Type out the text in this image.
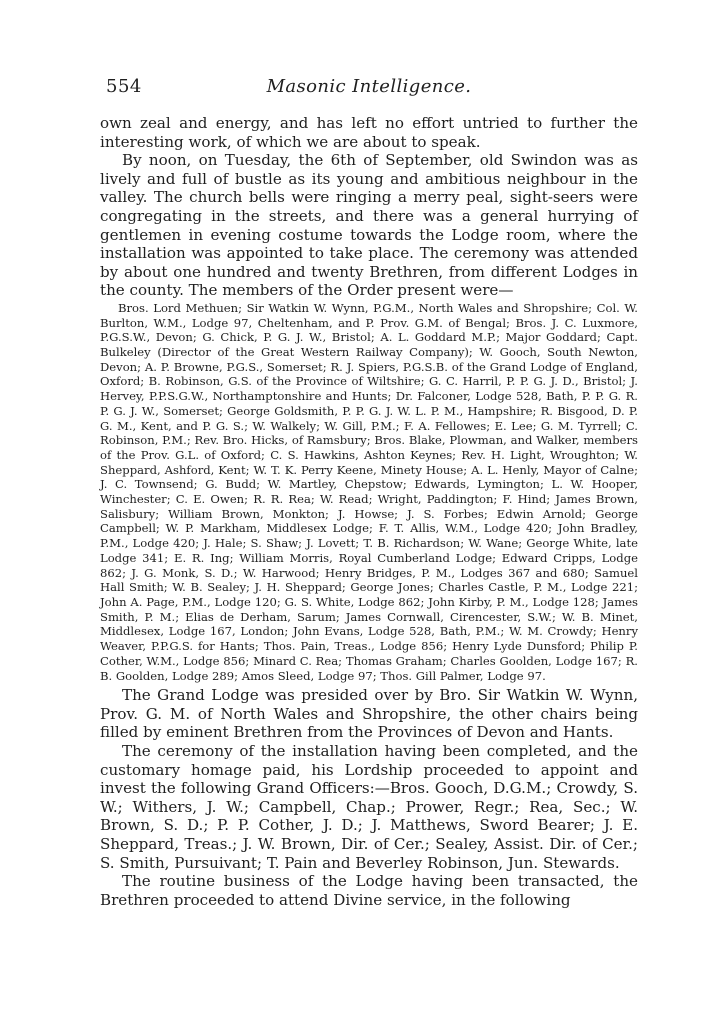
554	Masonic Intelligence.

own zeal and energy, and has left no effort untried to further the interesting work, of which we are about to speak.

By noon, on Tuesday, the 6th of September, old Swindon was as lively and full of bustle as its young and ambitious neighbour in the valley. The church bells were ringing a merry peal, sight-seers were congregating in the streets, and there was a general hurrying of gentlemen in evening costume towards the Lodge room, where the installation was appointed to take place. The ceremony was attended by about one hundred and twenty Brethren, from different Lodges in the county. The members of the Order present were—

Bros. Lord Methuen; Sir Watkin W. Wynn, P.G.M., North Wales and Shropshire; Col. W. Burlton, W.M., Lodge 97, Cheltenham, and P. Prov. G.M. of Bengal; Bros. J. C. Luxmore, P.G.S.W., Devon; G. Chick, P. G. J. W., Bristol; A. L. Goddard M.P.; Major Goddard; Capt. Bulkeley (Director of the Great Western Railway Company); W. Gooch, South Newton, Devon; A. P. Browne, P.G.S., Somerset; R. J. Spiers, P.G.S.B. of the Grand Lodge of England, Oxford; B. Robinson, G.S. of the Province of Wiltshire; G. C. Harril, P. P. G. J. D., Bristol; J. Hervey, P.P.S.G.W., Northamptonshire and Hunts; Dr. Falconer, Lodge 528, Bath, P. P. G. R. P. G. J. W., Somerset; George Goldsmith, P. P. G. J. W. L. P. M., Hampshire; R. Bisgood, D. P. G. M., Kent, and P. G. S.; W. Walkely; W. Gill, P.M.; F. A. Fellowes; E. Lee; G. M. Tyrrell; C. Robinson, P.M.; Rev. Bro. Hicks, of Ramsbury; Bros. Blake, Plowman, and Walker, members of the Prov. G.L. of Oxford; C. S. Hawkins, Ashton Keynes; Rev. H. Light, Wroughton; W. Sheppard, Ashford, Kent; W. T. K. Perry Keene, Minety House; A. L. Henly, Mayor of Calne; J. C. Townsend; G. Budd; W. Martley, Chepstow; Edwards, Lymington; L. W. Hooper, Winchester; C. E. Owen; R. R. Rea; W. Read; Wright, Paddington; F. Hind; James Brown, Salisbury; William Brown, Monkton; J. Howse; J. S. Forbes; Edwin Arnold; George Campbell; W. P. Markham, Middlesex Lodge; F. T. Allis, W.M., Lodge 420; John Bradley, P.M., Lodge 420; J. Hale; S. Shaw; J. Lovett; T. B. Richardson; W. Wane; George White, late Lodge 341; E. R. Ing; William Morris, Royal Cumberland Lodge; Edward Cripps, Lodge 862; J. G. Monk, S. D.; W. Harwood; Henry Bridges, P. M., Lodges 367 and 680; Samuel Hall Smith; W. B. Sealey; J. H. Sheppard; George Jones; Charles Castle, P. M., Lodge 221; John A. Page, P.M., Lodge 120; G. S. White, Lodge 862; John Kirby, P. M., Lodge 128; James Smith, P. M.; Elias de Derham, Sarum; James Cornwall, Cirencester, S.W.; W. B. Minet, Middlesex, Lodge 167, London; John Evans, Lodge 528, Bath, P.M.; W. M. Crowdy; Henry Weaver, P.P.G.S. for Hants; Thos. Pain, Treas., Lodge 856; Henry Lyde Dunsford; Philip P. Cother, W.M., Lodge 856; Minard C. Rea; Thomas Graham; Charles Goolden, Lodge 167; R. B. Goolden, Lodge 289; Amos Sleed, Lodge 97; Thos. Gill Palmer, Lodge 97.

The Grand Lodge was presided over by Bro. Sir Watkin W. Wynn, Prov. G. M. of North Wales and Shropshire, the other chairs being filled by eminent Brethren from the Provinces of Devon and Hants.

The ceremony of the installation having been completed, and the customary homage paid, his Lordship proceeded to appoint and invest the following Grand Officers:—Bros. Gooch, D.G.M.; Crowdy, S. W.; Withers, J. W.; Campbell, Chap.; Prower, Regr.; Rea, Sec.; W. Brown, S. D.; P. P. Cother, J. D.; J. Matthews, Sword Bearer; J. E. Sheppard, Treas.; J. W. Brown, Dir. of Cer.; Sealey, Assist. Dir. of Cer.; S. Smith, Pursuivant; T. Pain and Beverley Robinson, Jun. Stewards.

The routine business of the Lodge having been transacted, the Brethren proceeded to attend Divine service, in the following
